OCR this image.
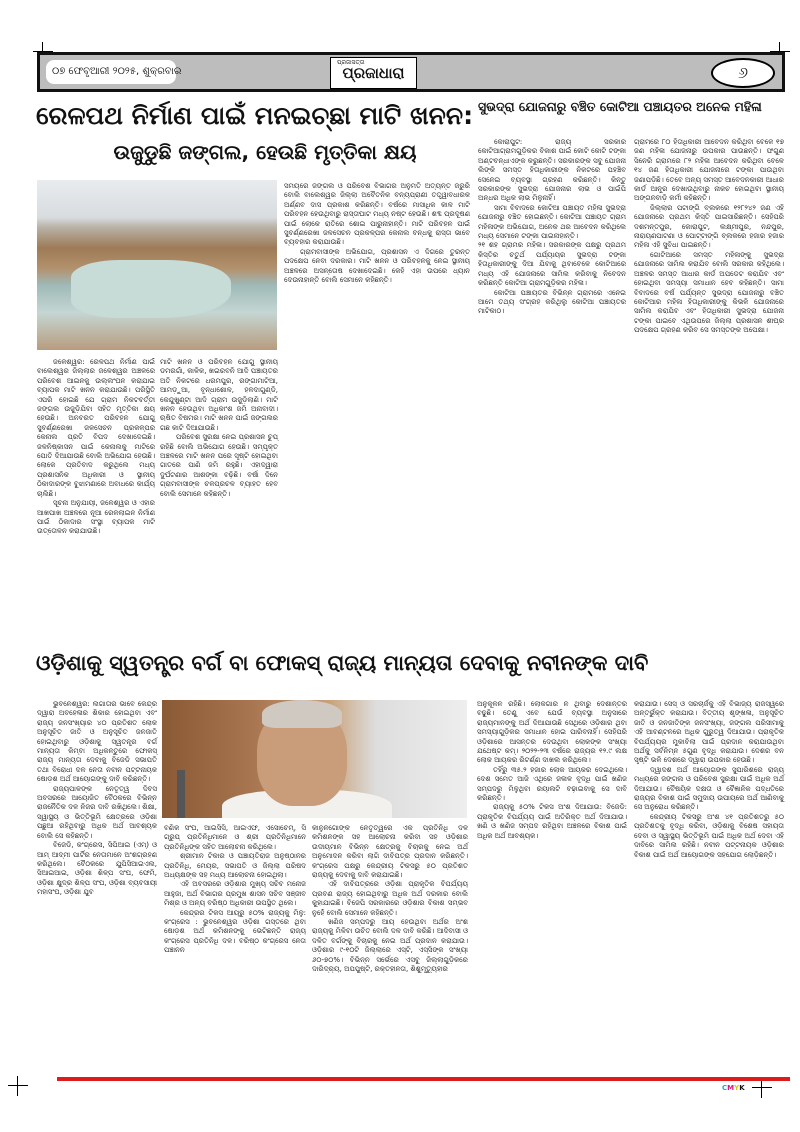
୦୭ ଫେବୃଆରୀ ୨୦୨୫, ଶୁକ୍ରବାର
ପ୍ରଜାସତ୍ତା
ପ୍ରଜାଧାରା	୬
ରେଳପଥ ନିର୍ମାଣ ପାଇଁ ମନଇଚ୍ଛା ମାଟି ଖନନ:
ଉଜୁଡୁଛି ଜଙ୍ଗଲ, ହେଉଛି ମୃତ୍ତିକା କ୍ଷୟ

ଜଳେଶ୍ୱର: ରେଳପଥ ନିର୍ମାଣ ପାଇଁ ବାଲେଶ୍ୱର ଜିଲ୍ଲାର ଜଳେଶ୍ୱର ଅଞ୍ଚଳରେ ପରିବେଶ ଆଇନକୁ ଉଲ୍ଲଂଘନ କରାଯାଇ ବ୍ୟାପକ ମାଟି ଖନନ କରାଯାଉଛି। ପରିସ୍ଥିତି ଏପରି ହୋଇଛି ଯେ ଗ୍ରାମ ନିକଟବର୍ତ୍ତୀ ଜଙ୍ଗଲ ଉଜୁଡ଼ିଯିବା ସହିତ ମୃତ୍ତିକା କ୍ଷୟ ହେଉଛି। ଅନବରତ ପରିବହନ ଯୋଗୁ ସୁବର୍ଣ୍ଣରେଖା ଜଳସେଚନ ପ୍ରକଳ୍ପର କେନାଲ ପ୍ରତି ବିପଦ ଦେଖାଦେଇଛି। ଜଳନିଷ୍କାସନ ପାଇଁ କେନାଲକୁ ମାଟିରେ ପୋତି ଦିଆଯାଉଛି ବୋଲି ଅଭିଯୋଗ ହେଉଛି। ଲୋକେ ପ୍ରତିବାଦ କରୁଥିଲେ ମଧ୍ୟ ପ୍ରଶାସନିକ ଅଧିକାରୀ ଓ ସ୍ଥାନୀୟ ଠିକାଦାରଙ୍କ ବୁଝାମଣାରେ ଅବାଧରେ କାର୍ଯ୍ୟ ଚାଲିଛି।

ସୂଚନା ଅନୁଯାୟୀ, ଜଳେଶ୍ୱର ଓ ଏହାର ଆଖପାଖ ଅଞ୍ଚଳରେ ନୂଆ ରେଳଲାଇନ ନିର୍ମାଣ ପାଇଁ ଠିକାଦାର ସଂସ୍ଥା ବ୍ୟାପକ ମାଟି ଉତ୍ତୋଳନ କରାଯାଉଛି।

ମାଟି ଖନନ ଓ ପରିବହନ ଯୋଗୁ ସ୍ଥାନୀୟ ଡମରଗାଁ, କାଳିକ, ଖଇରବନି ଆଦି ପଞ୍ଚାୟତର ଅତି ନିକଟରେ ଧରମପୁର, ରଙ୍ଗାମାଟିଆ, ଆମଡ଼ୁଆ, ବୃନ୍ଧାଶୋଳ, ହଳଦାଗୁଣ୍ଡି, କେନ୍ଦୁଖୁଣ୍ଟା ଆଦି ଗ୍ରାମ ଉଜୁଡ଼ିଲାଣି। ମାଟି ଖନନ ହେଉଥିବା ଅଧିକାଂଶ ଜମି ଅନାବାଦୀ। ଋଷିତ ବିଷମର। ମାଟି ଖନନ ପାଇଁ ଜଙ୍ଗଲର ଗଛ କାଟି ଦିଆଯାଉଛି।

ପରିବେଶ ସୁରକ୍ଷା ନେଇ ପ୍ରଶାସନ ଚୁପ୍ ରହିଛି ବୋଲି ଅଭିଯୋଗ ହେଉଛି। ସମ୍ପୃକ୍ତ ଅଞ୍ଚଳରେ ମାଟି ଖନନ ପରେ ସୃଷ୍ଟି ହୋଇଥିବା ଗାତରେ ପାଣି ଜମି ରହୁଛି। ଏହାଦ୍ୱାରା ଦୁର୍ଘଟଣାର ଆଶଙ୍କା ବଢ଼ିଛି। ବର୍ଷା ଦିନେ ଗ୍ରାମବାସୀଙ୍କ ଚଳପ୍ରଚଳ ବ୍ୟାହତ ହେବ ବୋଲି ସେମାନେ କହିଛନ୍ତି।

ସମୟରେ ଜଙ୍ଗଲ ଓ ପରିବେଶ ବିଭାଗର ଅନୁମତି ଅତ୍ୟନ୍ତ ଜରୁରି ବୋଲି ବାଲେଶ୍ୱର ଜିଲ୍ଲା ଅବୈତନିକ ବନ୍ୟପ୍ରାଣୀ ତତ୍ତ୍ୱାବଧାରକ ଅର୍ଣ୍ଣବ ଦାସ ପ୍ରକାଶ କରିଛନ୍ତି। ବର୍ଷରେ ମାସାଧିକ କାଳ ମାଟି ପରିବହନ ହେଉଥିବାରୁ ରାସ୍ତାଘାଟ ମଧ୍ୟ ନଷ୍ଟ ହେଉଛି। ଶବ୍ଦ ପ୍ରଦୂଷଣ ପାଇଁ ଲୋକେ ରାତିରେ ଶୋଇ ପାରୁନାହାନ୍ତି। ମାଟି ପରିବହନ ପାଇଁ ସୁବର୍ଣ୍ଣରେଖା ଜଳସେଚନ ପ୍ରକଳ୍ପର କେନାଲ ବନ୍ଧକୁ ରାସ୍ତା ଭାବେ ବ୍ୟବହାର କରାଯାଉଛି।

ଗ୍ରାମବାସୀଙ୍କ ଅଭିଯୋଗ, ପ୍ରଶାସନ ଏ ଦିଗରେ ତୁରନ୍ତ ପଦକ୍ଷେପ ନେବା ଦରକାର। ମାଟି ଖନନ ଓ ପରିବହନକୁ ନେଇ ସ୍ଥାନୀୟ ଅଞ୍ଚଳରେ ଅସନ୍ତୋଷ ଦେଖାଦେଇଛି। କେହି ଏହା ଉପରେ ଧ୍ୟାନ ଦେଉନାହାନ୍ତି ବୋଲି ସେମାନେ କହିଛନ୍ତି।

ସୁଭଦ୍ରା ଯୋଜନାରୁ ବଞ୍ଚିତ କୋଟିଆ ପଞ୍ଚାୟତର ଅନେକ ମହିଳା

କୋରାପୁଟ: ରାଜ୍ୟ ସରକାର କୋଟିଆଗ୍ରାମଗୁଡ଼ିକର ବିକାଶ ପାଇଁ କୋଟି କୋଟି ଟଙ୍କା ଅଣ୍ଟବନ୍ଧାଏଙ୍କ କରୁଛନ୍ତି। ସରକାରଙ୍କ ସବୁ ଯୋଜନା ଲିଙ୍କି ସମସ୍ତ ହିତାଧିକାରୀଙ୍କ ନିକଟରେ ପହଞ୍ଚିବ ସେନେଇ ବ୍ୟବସ୍ଥା ଗ୍ରହଣ କରିଛନ୍ତି। କିନ୍ତୁ ସରକାରଙ୍କ ସୁଭଦ୍ରା ଯୋଜନାର ଲାଭ ଓ ପାଇଁପି ଅନ୍ଧର ଅଧିକ ଲାଭ ମିଳୁନାହିଁ।

ସାମା ବିବାଦରେ କୋଟିଆ ପଞ୍ଚାୟତ ମହିଳା ସୁଭଦ୍ରା ଯୋଜନାରୁ ବଞ୍ଚିତ ହୋଇଛନ୍ତି। କୋଟିଆ ପଞ୍ଚାୟତ ଗ୍ରାମ ମହିଳାଙ୍କ ଅଭିଯୋଗ, ଅନେକ ଥର ଆବେଦନ କରିଥିଲେ ମଧ୍ୟ ସେମାନେ ଟଙ୍କା ପାଇନାହାନ୍ତି।

୨୧ ଶହ ଗ୍ରାମର ମହିଳା। ସରକାରଙ୍କ ପକ୍ଷରୁ ପ୍ରଥମ କିସ୍ତିର ଚତୁର୍ଥ ପର୍ଯ୍ୟାୟର ସୁଭଦ୍ରା ଟଙ୍କା ହିତାଧିକାରୀଙ୍କୁ ଦିଆ ଯିବାକୁ ଥିବାବେଳେ କୋଟିଆରେ ମଧ୍ୟ ଏହି ଯୋଜନାରେ ସାମିଲ କରିବାକୁ ନିବେଦନ କରିଛନ୍ତି କୋଟିଆ ଗ୍ରାମଗୁଡ଼ିକର ମହିଳା।

କୋଟିଆ ପଞ୍ଚାୟତର ବିଭିନ୍ନ ଗ୍ରାମରେ ଏନେଇ ଆମେ ତଥ୍ୟ ସଂଗ୍ରହ କରିଥିଲୁ କୋଟିଆ ପଞ୍ଚାୟତର ମାଟିକାଠ।

ଗ୍ରାମରେ ୮୦ ହିତାଧିକାରୀ ଆବେଦନ କରିଥିବା ବେଳେ ୧୭ ଜଣ ମହିଳା ଯୋଜନାରୁ ଉପକାର ପାଉଛନ୍ତି। ଫଗୁଣ ସିନେରି ଗ୍ରାମରେ ୮୨ ମହିଳା ଆବେଦନ କରିଥିବା ବେଳେ ୧୪ ଜଣ ହିତାଧିକାରୀ ଯୋଜନାରେ ଟଙ୍କା ପାଉଥିବା ଜଣାପଡ଼ିଛି। ତେବେ ଅନ୍ୟ ସମସ୍ତ ଆବେଦନକାରୀ ଆଧାର କାର୍ଡ ଆନ୍ଧ୍ର ଦେଖାଉଥିବାରୁ ନାକଚ ହୋଇଥିବା ସ୍ଥାନୀୟ ଅଙ୍ଗନବାଡ଼ି କର୍ମୀ କହିଛନ୍ତି।

ଜିଲ୍ଲାର ପଟାଙ୍ଗି ବ୍ଲକରେ ୧୨୮୨୪୨ ଜଣ ଏହି ଯୋଜନାରେ ପ୍ରଥମ କିସ୍ତି ପାଇସାରିଛନ୍ତି। ସେହିପରି ଦଶମନ୍ତପୁର, କୋରାପୁଟ, ଲକ୍ଷ୍ମୀପୁର, ନନ୍ଦପୁର, ନାରାୟଣପାଟଣା ଓ ପୋଟ୍ଟାଙ୍ଗି ବ୍ଲକରେ ହଜାର ହଜାର ମହିଳା ଏହି ସୁବିଧା ପାଇଛନ୍ତି।

ଗୋଟିଆରେ ସମସ୍ତ ମହିଳାଙ୍କୁ ସୁଭଦ୍ରା ଯୋଜନାରେ ସାମିଲ କରାଯିବ ବୋଲି ସରକାର କହିଥିଲେ। ଅଞ୍ଚଳର ସମସ୍ତ ଆଧାର କାର୍ଡ ଅପଡେଟ କରାଯିବ ଏବଂ ହୋଇଥିବା ସମସ୍ୟା ସମାଧାନ ହେବ କହିଛନ୍ତି। ସାମା ବିବାଦରେ ବର୍ଷ ପର୍ଯ୍ୟନ୍ତ ସୁଭଦ୍ରା ଯୋଜନାରୁ ବଞ୍ଚିତ କୋଟିଆର ମହିଳା ହିତାଧିକାରୀଙ୍କୁ କିଭଳି ଯୋଜନାରେ ସାମିଲ କରାଯିବ ଏବଂ ହିତାଧିକାରୀ ସୁଭଦ୍ରା ଯୋଜନା ଟଙ୍କା ପାଇବେ ଏଥିଉପରେ ଜିଲ୍ଲା ପ୍ରଶାସନ ଶୀଘ୍ର ପଦକ୍ଷେପ ଗ୍ରହଣ କରିବ ସେ ସମସ୍ତଙ୍କ ଅପେକ୍ଷା।

ଓଡ଼ିଶାକୁ ସ୍ୱତନ୍ତ୍ର ବର୍ଗ ବା ଫୋକସ୍ ରାଜ୍ୟ ମାନ୍ୟତା ଦେବାକୁ ନବୀନଙ୍କ ଦାବି

ଭୁବନେଶ୍ୱର: ଲଗାତାର ଭାବେ କେନ୍ଦ୍ର ଦ୍ୱାରା ଅବହେଳାର ଶିକାର ହୋଇଥିବା ଏବଂ ରାଜ୍ୟ ଜନସଂଖ୍ୟାର ୪୦ ପ୍ରତିଶତ ଲୋକ ଅନୁସୂଚିତ ଜାତି ଓ ଅନୁସୂଚିତ ଜନଜାତି ହୋଇଥିବାରୁ ଓଡ଼ିଶାକୁ ସ୍ୱତନ୍ତ୍ର ବର୍ଗ ମାନ୍ୟତା କିମ୍ବା ଅଧିକନ୍ତୁରେ ଫୋକସ୍ ରାଜ୍ୟ ମାନ୍ୟତା ଦେବାକୁ ବିଜେଡି ସଭାପତି ତଥା ବିରୋଧୀ ଦଳ ନେତା ନବୀନ ପଟ୍ଟନାୟକ ଷୋଡ଼ଶ ଅର୍ଥ ଆୟୋଗଙ୍କୁ ଦାବି କରିଛନ୍ତି।

ରାଜ୍ୟପାଳଙ୍କ ନେତୃତ୍ୱ ଦିବସ ଅବସରରେ ଆୟୋଜିତ ବୈଠକରେ ବିଭିନ୍ନ ରାଜନୈତିକ ଦଳ ନିଜର ଦାବି ରଖିଥିଲେ। ଶିକ୍ଷା, ସ୍ୱାସ୍ଥ୍ୟ ଓ ଭିତ୍ତିଭୂମି କ୍ଷେତ୍ରରେ ଓଡ଼ିଶା ପଛୁଆ ରହିଥିବାରୁ ଅଧିକ ଅର୍ଥ ଆବଶ୍ୟକ ବୋଲି ସେ କହିଛନ୍ତି।

ବିଜେଡି, କଂଗ୍ରେସ, ସିପିଆଇ (ଏମ୍) ଓ ଆମ୍ ଆଦ୍ମୀ ପାର୍ଟିର ନେତାମାନେ ଅଂଶଗ୍ରହଣ କରିଥିଲେ। ବୈଠକରେ ଯୁପିସିଆଇଏଲ, ସିଆଇଆଇ, ଓଡ଼ିଶା ଶିଳ୍ପ ସଂଘ, ଫେମି, ଓଡ଼ିଶା କ୍ଷୁଦ୍ର ଶିଳ୍ପ ସଂଘ, ଓଡ଼ିଶା ବ୍ୟବସାୟୀ ମହାସଂଘ, ଓଡ଼ିଶା ଯୁବ

ବଣିକ ସଂଘ, ଆଇସିସି, ଆଇଏଫ, ଏସୋଚେମ୍, ସି ଗ୍ରୁପ୍ ପ୍ରତିନିଧିମାନେ ଓ ଶ୍ରୀ ପ୍ରତିନିଧିମାନେ ପ୍ରତିନିଧିଙ୍କ ସହିତ ଆଲୋଚନା କରିଥିଲେ।

ଶ୍ରୀମାନ ଟିକାର ଓ ପଞ୍ଚାୟତିରାଜ ଅନୁଷ୍ଠାନର ପ୍ରତିନିଧି, ମେୟର, ସଭାପତି ଓ ଜିଲ୍ଲା ପରିଷଦ ଅଧ୍ୟକ୍ଷଙ୍କ ସହ ମଧ୍ୟ ଆଲୋଚନା ହୋଇଥିଲା।

ଏହି ଅବସରରେ ଓଡ଼ିଶାର ମୁଖ୍ୟ ସଚିବ ମନୋଜ ଆହୁଜା, ଅର୍ଥ ବିଭାଗର ପ୍ରମୁଖ ଶାସନ ସଚିବ ସଞ୍ଜୀବ ମିଶ୍ର ଓ ଅନ୍ୟ ବରିଷ୍ଠ ଅଧିକାରୀ ଉପସ୍ଥିତ ଥିଲେ।

କେନ୍ଦ୍ରର ଟିକସ ଆୟରୁ ୫୦% ରାଜ୍ୟକୁ ମିଳୁ: କଂଗ୍ରେସ : ଭୁବନେଶ୍ୱର ଓଡ଼ିଶା ଗସ୍ତରେ ଥିବା ଷୋଡ଼ଶ ଅର୍ଥ କମିଶନଙ୍କୁ ଭେଟିଛନ୍ତି ରାଜ୍ୟ କଂଗ୍ରେସ ପ୍ରତିନିଧି ଦଳ। ବରିଷ୍ଠ କଂଗ୍ରେସ ନେତା ପଞ୍ଚାନନ

କାନୁନଗୋଙ୍କ ନେତୃତ୍ୱରେ ଏକ ପ୍ରତିନିଧି ଦଳ କମିଶନଙ୍କ ସହ ଆଲୋଚନା କରିବା ସହ ଓଡ଼ିଶାର ଉଦୀୟମାନ ବିଭିନ୍ନ କ୍ଷେତ୍ରକୁ ବିଚାରକୁ ନେଇ ଅର୍ଥ ଅନୁମୋଦନ କରିବା ଲାଗି ଦାବିପତ୍ର ପ୍ରଦାନ କରିଛନ୍ତି। କଂଗ୍ରେସ ପକ୍ଷରୁ କେନ୍ଦ୍ରୀୟ ଟିକସରୁ ୫୦ ପ୍ରତିଶତ ରାଜ୍ୟକୁ ଦେବାକୁ ଦାବି କରାଯାଇଛି।

ଏହି ଦାବିପତ୍ରରେ ଓଡ଼ିଶା ପ୍ରାକୃତିକ ବିପର୍ଯ୍ୟୟ ପ୍ରବଣ ରାଜ୍ୟ ହୋଇଥିବାରୁ ଅଧିକ ଅର୍ଥ ଦରକାର ବୋଲି କୁହାଯାଇଛି। ବିଜେପି ସରକାରରେ ଓଡ଼ିଶାର ବିକାଶ ସମ୍ଭବ ନୁହେଁ ବୋଲି ସେମାନେ କହିଛନ୍ତି।

ଖଣିଜ ସମ୍ପଦରୁ ଆୟ ହେଉଥିବା ଅର୍ଥର ଅଂଶ ରାଜ୍ୟକୁ ମିଳିବା ଉଚିତ ବୋଲି ଦଳ ଦାବି କରିଛି। ଆଦିବାସୀ ଓ ଦଳିତ ବର୍ଗଙ୍କୁ ବିଚାରକୁ ନେଇ ଅର୍ଥ ପ୍ରଦାନ କରାଯାଉ। ଓଡ଼ିଶାର ୯-୧୦ଟି ଜିଲ୍ଲାରେ ଏସ୍‌ଟି, ଏସ୍‌ସିଙ୍କ ସଂଖ୍ୟା ୬୦-୭୦%। ବିଭିନ୍ନ ସର୍ଭେରେ ଏସବୁ ଜିଲ୍ଲାଗୁଡ଼ିକରେ ଦାରିଦ୍ର୍ୟ, ଅପପୁଷ୍ଟି, ରକ୍ତହୀନତା, ଶିଶୁମୃତ୍ୟୁହାର

ଅନୁକୂଳନ ରହିଛି। ଲୋକଗାର ନ ଥିବାରୁ ଦେଶାନ୍ତର ବଢୁଛି। ତେଣୁ ଏବେ ଯେଉଁ ବ୍ୟବସ୍ଥା ଅନୁସାରେ ରାଜ୍ୟମାନଙ୍କୁ ଅର୍ଥ ଦିଆଯାଉଛି ସେଥିରେ ଓଡ଼ିଶାର ଥିବା ସମସ୍ୟାଗୁଡ଼ିକର ସମାଧାନ ହୋଇ ପାରିବନାହିଁ। ସେହିପରି ଓଡ଼ିଶାରେ ଆସନ୍ତର ଦେଉଥିବା ଲୋକଙ୍କ ସଂଖ୍ୟା ଯଥେଷ୍ଟ କମ୍। ୨୦୨୨-୨୩ ବର୍ଷରେ ରାଜ୍ୟର ୧୨.୯ ଲକ୍ଷ ଲୋକ ଆୟକର ରିଟର୍ଣ୍ଣ ଦାଖଲ କରିଥିଲେ।

ତହିଁରୁ ୩୫.୨ ହଜାର ଲୋକ ଆୟକର ଦେଇଥିଲେ। ଦେଶ ସମେତ ଆଜି ଏଥିରେ ଜଳାଳ ବୃଦ୍ଧି ପାଇଁ ଖଣିଜ ସମ୍ପଦରୁ ମିଳୁଥିବା ରୟାଲଟି ବଢ଼ାଇବାକୁ ସେ ଦାବି କରିଛନ୍ତି।

ରାଜ୍ୟକୁ ୫୦% ଟିକସ ଅଂଶ ଦିଆଯାଉ: ବିଜେଡି: ପ୍ରାକୃତିକ ବିପର୍ଯ୍ୟୟ ପାଇଁ ଅତିରିକ୍ତ ଅର୍ଥ ଦିଆଯାଉ। ଖଣି ଓ ଖଣିଜ ସମ୍ପଦ ରହିଥିବା ଅଞ୍ଚଳରେ ବିକାଶ ପାଇଁ ଅଧିକ ଅର୍ଥ ଆବଶ୍ୟକ।

କରାଯାଉ। ସେସ୍ ଓ ସରଚାର୍ଜକୁ ଏହି ବିଭାଜ୍ୟ ରାଜସ୍ୱରେ ଅନ୍ତର୍ଭୁକ୍ତ କରାଯାଉ। ବିତ୍ତୀୟ ଶୃଙ୍ଖଳା, ଅନୁସୂଚିତ ଜାତି ଓ ଜନଜାତିଙ୍କ ଜନସଂଖ୍ୟା, ଜଙ୍ଗଲ ପରିସୀମାକୁ ଏହି ଆବଣ୍ଟନରେ ଅଧିକ ଗୁରୁତ୍ୱ ଦିଆଯାଉ। ପ୍ରାକୃତିକ ବିପର୍ଯ୍ୟୟର ମୁକାବିଲା ପାଇଁ ପ୍ରଦାନ କରାଯାଉଥିବା ଅର୍ଥକୁ ସର୍ବନିମ୍ନ ୫ଗୁଣ ବୃଦ୍ଧି କରାଯାଉ। ଦେଶର ବନ ସୃଷ୍ଟି ଭଳି ଦେଶରେ ଦ୍ୱାରା ଉପକାର ହେଉଛି।

ଦ୍ୱାଦଶ ଅର୍ଥ ଆୟୋଗଙ୍କ ସୁପାରିଶରେ ରାଜ୍ୟ ମଧ୍ୟରେ ଜଙ୍ଗଲ ଓ ପରିବେଶ ସୁରକ୍ଷା ପାଇଁ ଅଧିକ ଅର୍ଥ ଦିଆଯାଉ। ବୈଷୟିକ ଦକ୍ଷତା ଓ ବୈଜ୍ଞାନିକ ପଦ୍ଧତିରେ ରାଜ୍ୟର ବିକାଶ ପାଇଁ ସମୁଦାୟ ଉପାୟରେ ଅର୍ଥ ଆଣିବାକୁ ସେ ଅନୁରୋଧ କରିଛନ୍ତି।

କେନ୍ଦ୍ରୀୟ ଟିକସରୁ ଅଂଶ ୪୧ ପ୍ରତିଶତରୁ ୫୦ ପ୍ରତିଶତକୁ ବୃଦ୍ଧି କରିବା, ଓଡ଼ିଶାକୁ ବିଶେଷ ସହାୟତା ଦେବା ଓ ସ୍ୱାସ୍ଥ୍ୟ ଭିତ୍ତିଭୂମି ପାଇଁ ଅଧିକ ଅର୍ଥ ଦେବା ଏହି ଦାବିରେ ସାମିଲ ରହିଛି। ନବୀନ ପଟ୍ଟନାୟକ ଓଡ଼ିଶାର ବିକାଶ ପାଇଁ ଅର୍ଥ ଆୟୋଗଙ୍କ ସହଯୋଗ ଲୋଡ଼ିଛନ୍ତି।

CMYK
